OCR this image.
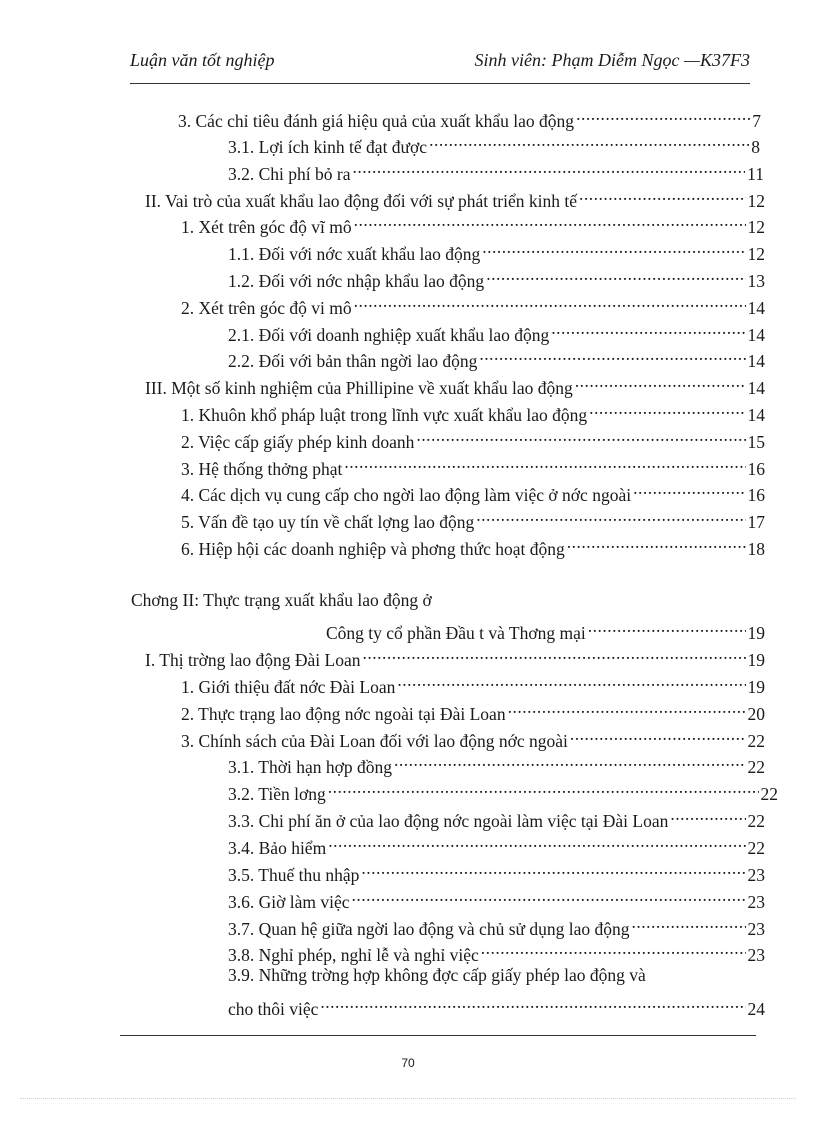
Luận văn tốt nghiệp	Sinh viên: Phạm Diễm Ngọc —K37F3
3. Các chỉ tiêu đánh giá hiệu quả của xuất khẩu lao động .....	7
3.1. Lợi ích kinh tế đạt được .....	8
3.2. Chi phí bỏ ra .....	11
II. Vai trò của xuất khẩu lao động đối với sự phát triển kinh tế .....	12
1. Xét trên góc độ vĩ mô .....	12
1.1. Đối với nớc xuất khẩu lao động .....	12
1.2. Đối với nớc nhập khẩu lao động .....	13
2. Xét trên góc độ vi mô .....	14
2.1. Đối với doanh nghiệp xuất khẩu lao động .....	14
2.2. Đối với bản thân ngời lao động .....	14
III. Một số kinh nghiệm của Phillipine về xuất khẩu lao động .....	14
1. Khuôn khổ pháp luật trong lĩnh vực xuất khẩu lao động .....	14
2. Việc cấp giấy phép kinh doanh .....	15
3. Hệ thống thởng phạt .....	16
4. Các dịch vụ cung cấp cho ngời lao động làm việc ở nớc ngoài .....	16
5. Vấn đề tạo uy tín về chất lợng lao động .....	17
6. Hiệp hội các doanh nghiệp và phơng thức hoạt động .....	18
Chơng II: Thực trạng xuất khẩu lao động ở
Công ty cổ phần Đầu t và Thơng mại .....	19
I. Thị trờng lao động Đài Loan .....	19
1. Giới thiệu đất nớc Đài Loan .....	19
2. Thực trạng lao động nớc ngoài tại Đài Loan .....	20
3. Chính sách của Đài Loan đối với lao động nớc ngoài .....	22
3.1. Thời hạn hợp đồng .....	22
3.2. Tiền lơng .....	22
3.3. Chi phí ăn ở của lao động nớc ngoài làm việc tại Đài Loan .....	22
3.4. Bảo hiểm .....	22
3.5. Thuế thu nhập .....	23
3.6. Giờ làm việc .....	23
3.7. Quan hệ giữa ngời lao động và chủ sử dụng lao động .....	23
3.8. Nghỉ phép, nghỉ lễ và nghỉ việc .....	23
3.9. Những trờng hợp không đợc cấp giấy phép lao động và
cho thôi việc .....	24
70
